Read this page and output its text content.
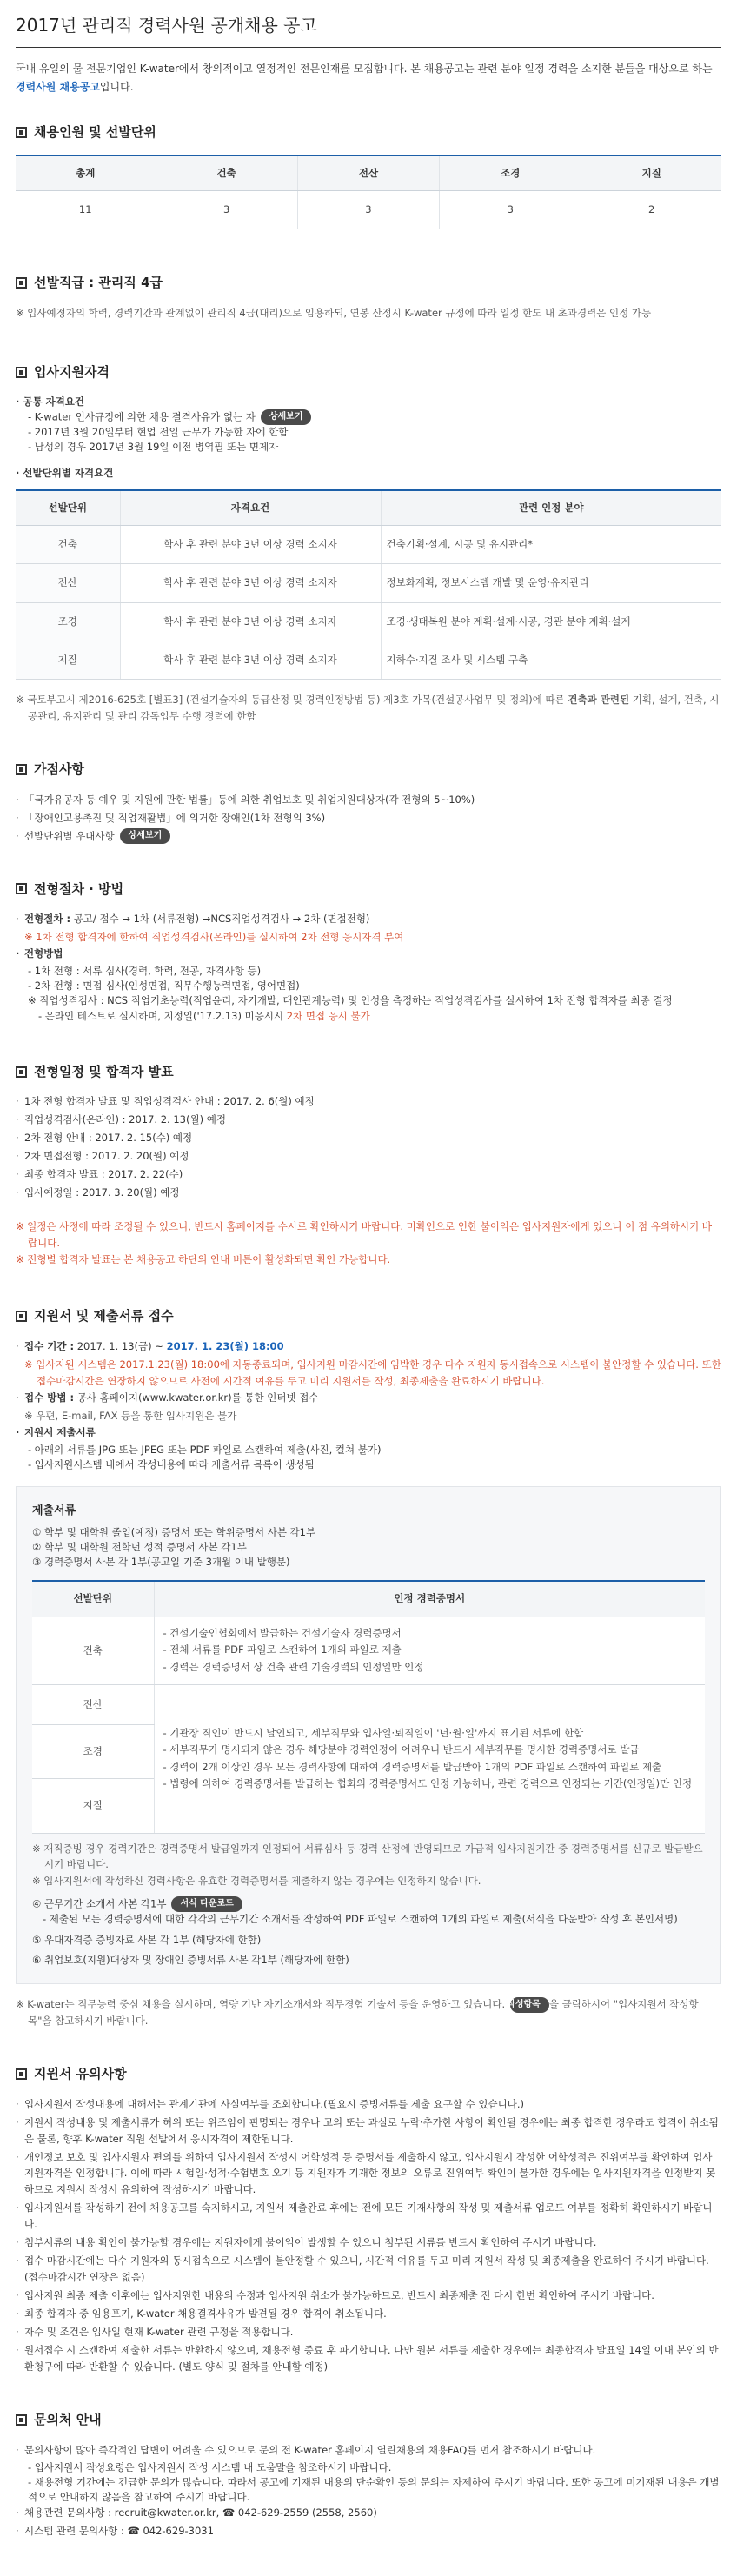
2017년 관리직 경력사원 공개채용 공고

국내 유일의 물 전문기업인 K-water에서 창의적이고 열정적인 전문인재를 모집합니다. 본 채용공고는 관련 분야 일정 경력을 소지한 분들을 대상으로 하는 경력사원 채용공고입니다.

채용인원 및 선발단위
총계	건축	전산	조경	지질
11	3	3	3	2
선발직급 : 관리직 4급

※ 입사예정자의 학력, 경력기간과 관계없이 관리직 4급(대리)으로 임용하되, 연봉 산정시 K-water 규정에 따라 일정 한도 내 초과경력은 인정 가능

입사지원자격

· 공통 자격요건

- K-water 인사규정에 의한 채용 결격사유가 없는 자 상세보기
- 2017년 3월 20일부터 현업 전일 근무가 가능한 자에 한함
- 남성의 경우 2017년 3월 19일 이전 병역필 또는 면제자

· 선발단위별 자격요건

선발단위	자격요건	관련 인정 분야
건축	학사 후 관련 분야 3년 이상 경력 소지자	건축기획·설계, 시공 및 유지관리*
전산	학사 후 관련 분야 3년 이상 경력 소지자	정보화계획, 정보시스템 개발 및 운영·유지관리
조경	학사 후 관련 분야 3년 이상 경력 소지자	조경·생태복원 분야 계획·설계·시공, 경관 분야 계획·설계
지질	학사 후 관련 분야 3년 이상 경력 소지자	지하수·지질 조사 및 시스템 구축

※ 국토부고시 제2016-625호 [별표3] (건설기술자의 등급산정 및 경력인정방법 등) 제3호 가목(건설공사업무 및 정의)에 따른 건축과 관련된 기획, 설계, 건축, 시공관리, 유지관리 및 관리 감독업무 수행 경력에 한함

가점사항
· 「국가유공자 등 예우 및 지원에 관한 법률」등에 의한 취업보호 및 취업지원대상자(각 전형의 5~10%)
· 「장애인고용촉진 및 직업재활법」에 의거한 장애인(1차 전형의 3%)
· 선발단위별 우대사항 상세보기
전형절차 · 방법
· 전형절차 : 공고/ 접수 → 1차 (서류전형) →NCS직업성격검사 → 2차 (면접전형)

※ 1차 전형 합격자에 한하여 직업성격검사(온라인)를 실시하여 2차 전형 응시자격 부여

· 전형방법
- 1차 전형 : 서류 심사(경력, 학력, 전공, 자격사항 등)
- 2차 전형 : 면접 심사(인성면접, 직무수행능력면접, 영어면접)
※ 직업성격검사 : NCS 직업기초능력(직업윤리, 자기개발, 대인관계능력) 및 인성을 측정하는 직업성격검사를 실시하여 1차 전형 합격자를 최종 결정
- 온라인 테스트로 실시하며, 지정일('17.2.13) 미응시시 2차 면접 응시 불가
전형일정 및 합격자 발표
· 1차 전형 합격자 발표 및 직업성격검사 안내 : 2017. 2. 6(월) 예정
· 직업성격검사(온라인) : 2017. 2. 13(월) 예정
· 2차 전형 안내 : 2017. 2. 15(수) 예정
· 2차 면접전형 : 2017. 2. 20(월) 예정
· 최종 합격자 발표 : 2017. 2. 22(수)
· 입사예정일 : 2017. 3. 20(월) 예정

※ 일정은 사정에 따라 조정될 수 있으니, 반드시 홈페이지를 수시로 확인하시기 바랍니다. 미확인으로 인한 불이익은 입사지원자에게 있으니 이 점 유의하시기 바랍니다.

※ 전형별 합격자 발표는 본 채용공고 하단의 안내 버튼이 활성화되면 확인 가능합니다.

지원서 및 제출서류 접수
· 접수 기간 : 2017. 1. 13(금) ~ 2017. 1. 23(월) 18:00

※ 입사지원 시스템은 2017.1.23(월) 18:00에 자동종료되며, 입사지원 마감시간에 임박한 경우 다수 지원자 동시접속으로 시스템이 불안정할 수 있습니다. 또한 접수마감시간은 연장하지 않으므로 사전에 시간적 여유를 두고 미리 지원서를 작성, 최종제출을 완료하시기 바랍니다.

· 접수 방법 : 공사 홈페이지(www.kwater.or.kr)를 통한 인터넷 접수

※ 우편, E-mail, FAX 등을 통한 입사지원은 불가

· 지원서 제출서류
- 아래의 서류를 JPG 또는 JPEG 또는 PDF 파일로 스캔하여 제출(사진, 컬쳐 불가)
- 입사지원시스템 내에서 작성내용에 따라 제출서류 목록이 생성됨

제출서류

① 학부 및 대학원 졸업(예정) 증명서 또는 학위증명서 사본 각1부

② 학부 및 대학원 전학년 성적 증명서 사본 각1부

③ 경력증명서 사본 각 1부(공고일 기준 3개월 이내 발행분)

선발단위	인정 경력증명서
건축	- 건설기술인협회에서 발급하는 건설기술자 경력증명서
- 전체 서류를 PDF 파일로 스캔하여 1개의 파일로 제출
- 경력은 경력증명서 상 건축 관련 기술경력의 인정일만 인정

전산	- 기관장 직인이 반드시 날인되고, 세부직무와 입사일·퇴직일이 '년·월·일'까지 표기된 서류에 한함
- 세부직무가 명시되지 않은 경우 해당분야 경력인정이 어려우니 반드시 세부직무를 명시한 경력증명서로 발급
- 경력이 2개 이상인 경우 모든 경력사항에 대하여 경력증명서를 발급받아 1개의 PDF 파일로 스캔하여 파일로 제출
- 법령에 의하여 경력증명서를 발급하는 협회의 경력증명서도 인정 가능하나, 관련 경력으로 인정되는 기간(인정일)만 인정

조경	
지질	

※ 재직증빙 경우 경력기간은 경력증명서 발급일까지 인정되어 서류심사 등 경력 산정에 반영되므로 가급적 입사지원기간 중 경력증명서를 신규로 발급받으시기 바랍니다.

※ 입사지원서에 작성하신 경력사항은 유효한 경력증명서를 제출하지 않는 경우에는 인정하지 않습니다.

④ 근무기간 소개서 사본 각1부 서식 다운로드

- 제출된 모든 경력증명서에 대한 각각의 근무기간 소개서를 작성하여 PDF 파일로 스캔하여 1개의 파일로 제출(서식을 다운받아 작성 후 본인서명)

⑤ 우대자격증 증빙자료 사본 각 1부 (해당자에 한함)

⑥ 취업보호(지원)대상자 및 장애인 증빙서류 사본 각1부 (해당자에 한함)

※ K-water는 직무능력 중심 채용을 실시하며, 역량 기반 자기소개서와 직무경험 기술서 등을 운영하고 있습니다. 작성항목 을 클릭하시어 "입사지원서 작성항목"을 참고하시기 바랍니다.

지원서 유의사항
· 입사지원서 작성내용에 대해서는 관계기관에 사실여부를 조회합니다.(필요시 증빙서류를 제출 요구할 수 있습니다.)
· 지원서 작성내용 및 제출서류가 허위 또는 위조임이 판명되는 경우나 고의 또는 과실로 누락·추가한 사항이 확인될 경우에는 최종 합격한 경우라도 합격이 취소됨은 물론, 향후 K-water 직원 선발에서 응시자격이 제한됩니다.
· 개인정보 보호 및 입사지원자 편의를 위하여 입사지원서 작성시 어학성적 등 증명서를 제출하지 않고, 입사지원시 작성한 어학성적은 진위여부를 확인하여 입사지원자격을 인정합니다. 이에 따라 시험일·성적·수험번호 오기 등 지원자가 기재한 정보의 오류로 진위여부 확인이 불가한 경우에는 입사지원자격을 인정받지 못하므로 지원서 작성시 유의하여 작성하시기 바랍니다.
· 입사지원서를 작성하기 전에 채용공고를 숙지하시고, 지원서 제출완료 후에는 전에 모든 기재사항의 작성 및 제출서류 업로드 여부를 정확히 확인하시기 바랍니다.
· 첨부서류의 내용 확인이 불가능할 경우에는 지원자에게 불이익이 발생할 수 있으니 첨부된 서류를 반드시 확인하여 주시기 바랍니다.
· 접수 마감시간에는 다수 지원자의 동시접속으로 시스템이 불안정할 수 있으니, 시간적 여유를 두고 미리 지원서 작성 및 최종제출을 완료하여 주시기 바랍니다. (접수마감시간 연장은 없음)
· 입사지원 최종 제출 이후에는 입사지원한 내용의 수정과 입사지원 취소가 불가능하므로, 반드시 최종제출 전 다시 한번 확인하여 주시기 바랍니다.
· 최종 합격자 중 임용포기, K-water 채용결격사유가 발견될 경우 합격이 취소됩니다.
· 자수 및 조건은 입사일 현재 K-water 관련 규정을 적용합니다.
· 원서접수 시 스캔하여 제출한 서류는 반환하지 않으며, 채용전형 종료 후 파기합니다. 다만 원본 서류를 제출한 경우에는 최종합격자 발표일 14일 이내 본인의 반환청구에 따라 반환할 수 있습니다. (별도 양식 및 절차를 안내할 예정)
문의처 안내
· 문의사항이 많아 즉각적인 답변이 어려울 수 있으므로 문의 전 K-water 홈페이지 열린채용의 채용FAQ를 먼저 참조하시기 바랍니다.
- 입사지원서 작성요령은 입사지원서 작성 시스템 내 도움말을 참조하시기 바랍니다.
- 채용전형 기간에는 긴급한 문의가 많습니다. 따라서 공고에 기재된 내용의 단순확인 등의 문의는 자제하여 주시기 바랍니다. 또한 공고에 미기재된 내용은 개별적으로 안내하지 않음을 참고하여 주시기 바랍니다.
· 채용관련 문의사항 : recruit@kwater.or.kr, ☎ 042-629-2559 (2558, 2560)
· 시스템 관련 문의사항 : ☎ 042-629-3031
